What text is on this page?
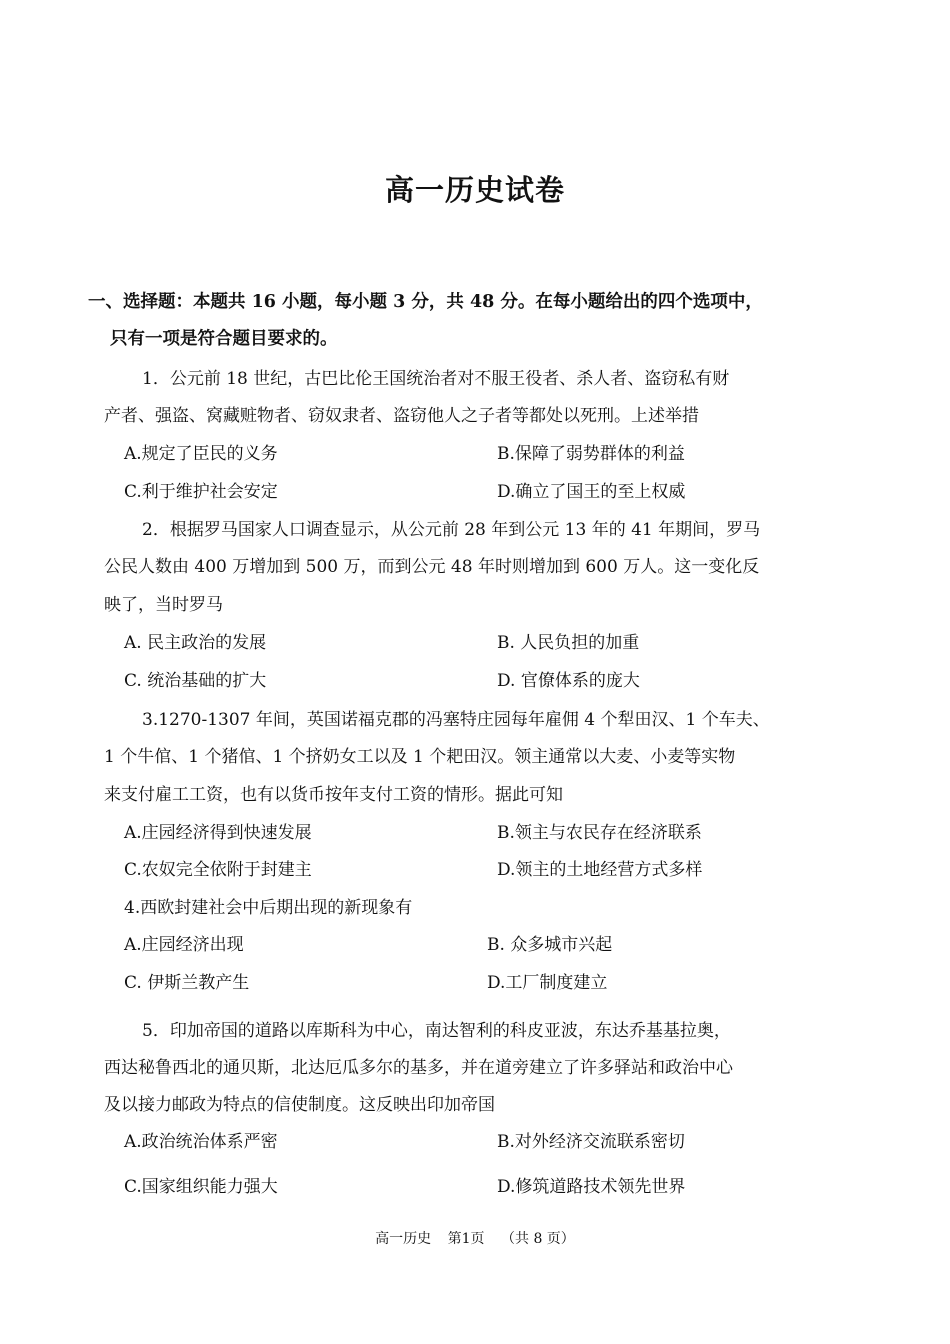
高一历史试卷
一、选择题：本题共 16 小题，每小题 3 分，共 48 分。在每小题给出的四个选项中，
只有一项是符合题目要求的。
1．公元前 18 世纪，古巴比伦王国统治者对不服王役者、杀人者、盗窃私有财
产者、强盗、窝藏赃物者、窃奴隶者、盗窃他人之子者等都处以死刑。上述举措
A.规定了臣民的义务	B.保障了弱势群体的利益
C.利于维护社会安定	D.确立了国王的至上权威
2．根据罗马国家人口调查显示，从公元前 28 年到公元 13 年的 41 年期间，罗马
公民人数由 400 万增加到 500 万，而到公元 48 年时则增加到 600 万人。这一变化反
映了，当时罗马
A. 民主政治的发展	B. 人民负担的加重
C. 统治基础的扩大	D. 官僚体系的庞大
3.1270-1307 年间，英国诺福克郡的冯塞特庄园每年雇佣 4 个犁田汉、1 个车夫、
1 个牛倌、1 个猪倌、1 个挤奶女工以及 1 个耙田汉。领主通常以大麦、小麦等实物
来支付雇工工资，也有以货币按年支付工资的情形。据此可知
A.庄园经济得到快速发展	B.领主与农民存在经济联系
C.农奴完全依附于封建主	D.领主的土地经营方式多样
4.西欧封建社会中后期出现的新现象有
A.庄园经济出现	B. 众多城市兴起
C. 伊斯兰教产生	D.工厂制度建立
5．印加帝国的道路以库斯科为中心，南达智利的科皮亚波，东达乔基基拉奥，
西达秘鲁西北的通贝斯，北达厄瓜多尔的基多，并在道旁建立了许多驿站和政治中心
及以接力邮政为特点的信使制度。这反映出印加帝国
A.政治统治体系严密	B.对外经济交流联系密切
C.国家组织能力强大	D.修筑道路技术领先世界
高一历史 第1页 （共 8 页）
